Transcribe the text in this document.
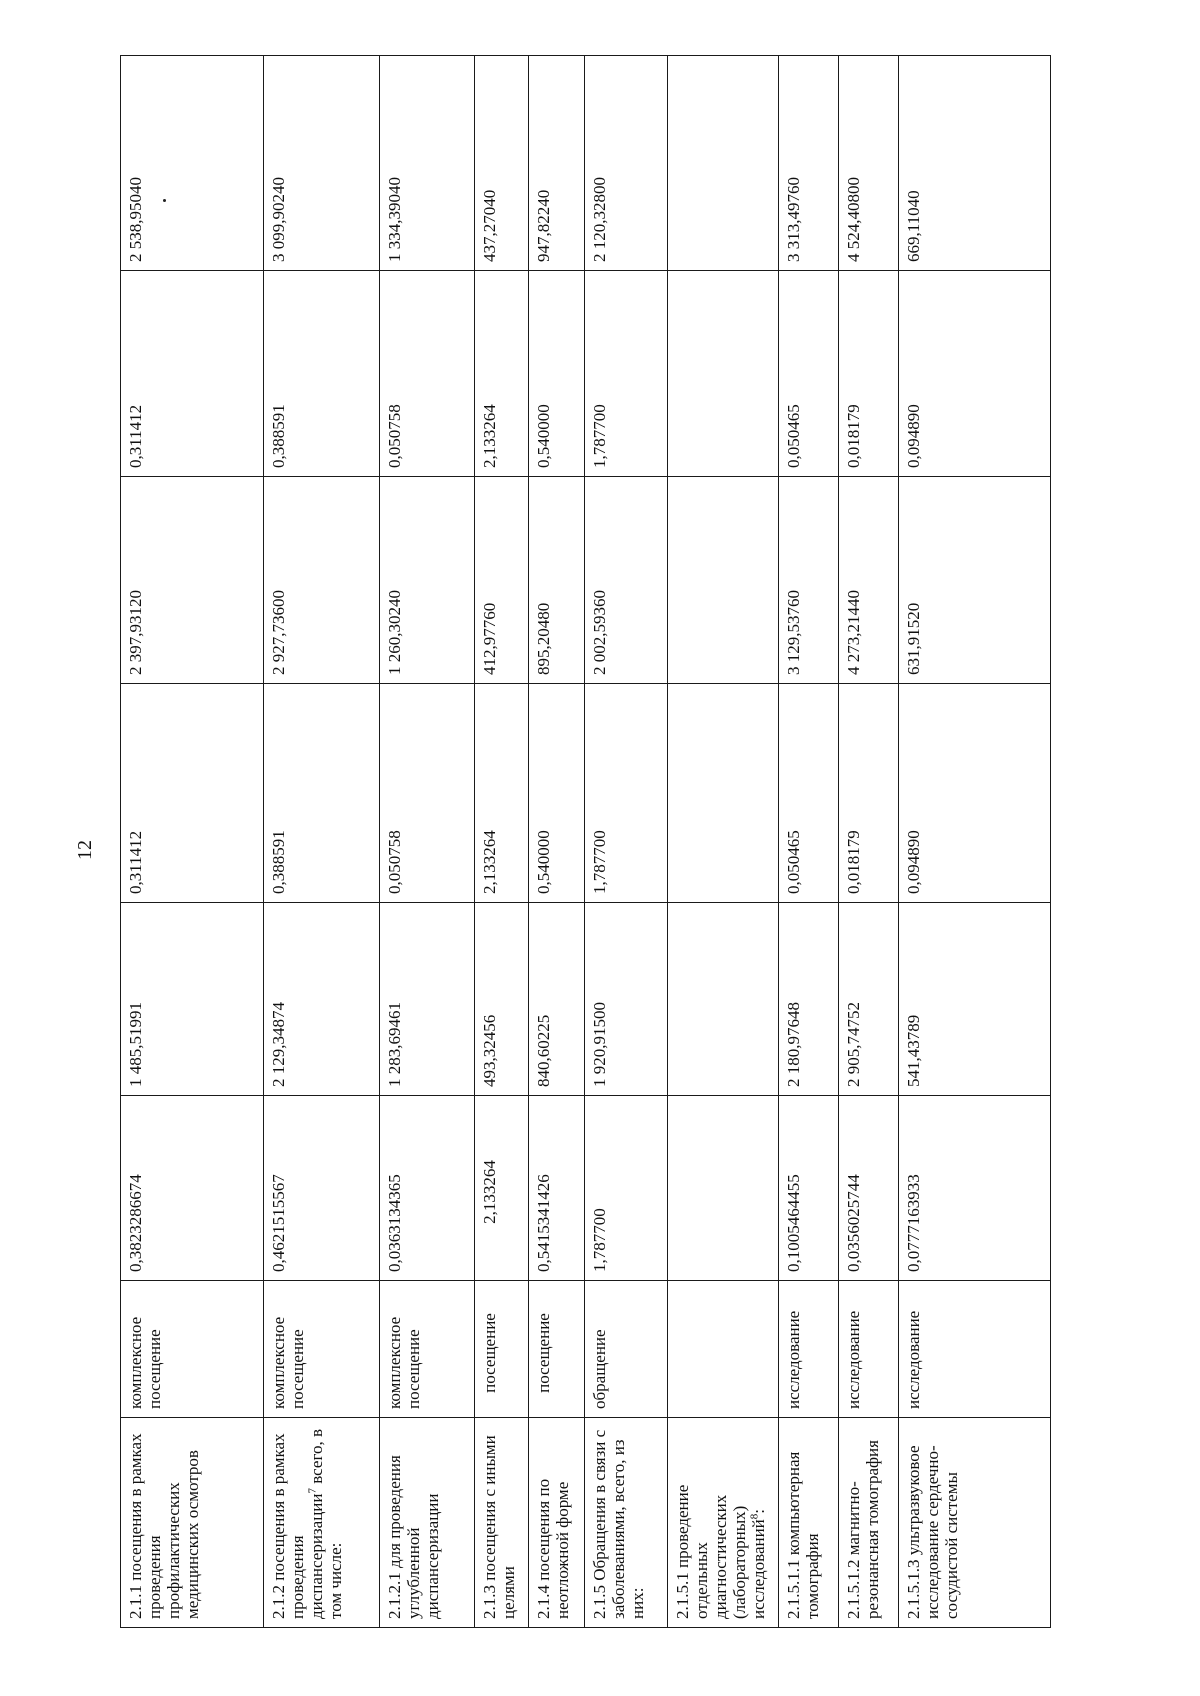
12
2.1.1 посещения в рамках проведения профилактических медицинских осмотров	комплексное посещение	0,3823286674	1 485,51991	0,311412	2 397,93120	0,311412	2 538,95040

2.1.2 посещения в рамках проведения диспансеризации$^7$ всего, в том числе:	комплексное посещение	0,4621515567	2 129,34874	0,388591	2 927,73600	0,388591	3 099,90240
2.1.2.1 для проведения углубленной диспансеризации	комплексное посещение	0,0363134365	1 283,69461	0,050758	1 260,30240	0,050758	1 334,39040
2.1.3 посещения с иными целями	посещение	2,133264	493,32456	2,133264	412,97760	2,133264	437,27040
2.1.4 посещения по неотложной форме	посещение	0,5415341426	840,60225	0,540000	895,20480	0,540000	947,82240
2.1.5 Обращения в связи с заболеваниями, всего, из них:	обращение	1,787700	1 920,91500	1,787700	2 002,59360	1,787700	2 120,32800
2.1.5.1 проведение отдельных диагностических (лабораторных) исследований$^8$:							
2.1.5.1.1 компьютерная томография	исследование	0,1005464455	2 180,97648	0,050465	3 129,53760	0,050465	3 313,49760
2.1.5.1.2 магнитно-резонансная томография	исследование	0,0356025744	2 905,74752	0,018179	4 273,21440	0,018179	4 524,40800
2.1.5.1.3 ультразвуковое исследование сердечно-сосудистой системы	исследование	0,0777163933	541,43789	0,094890	631,91520	0,094890	669,11040
